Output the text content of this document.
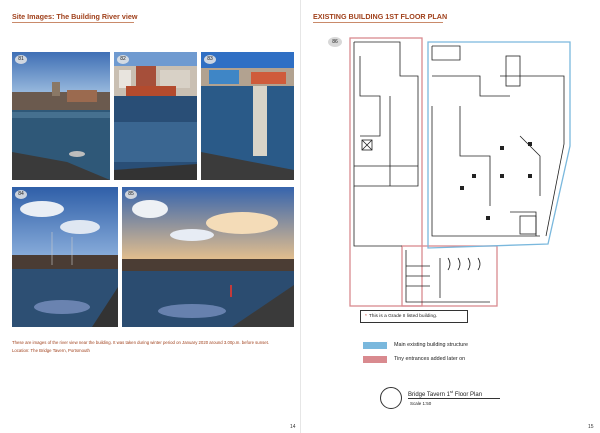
Site Images: The Building River view
81	82	83
84	85
These are images of the river view near the building. It was taken during winter period on January 2020 around 3.00p.m. before sunset. Location: The Bridge Tavern, Portsmouth
14
EXISTING BUILDING 1ST FLOOR PLAN
86
* This is a Grade II listed building.
Main existing building structure
Tiny entrances added later on
Bridge Tavern 1st Floor Plan
Scale 1:50
15
